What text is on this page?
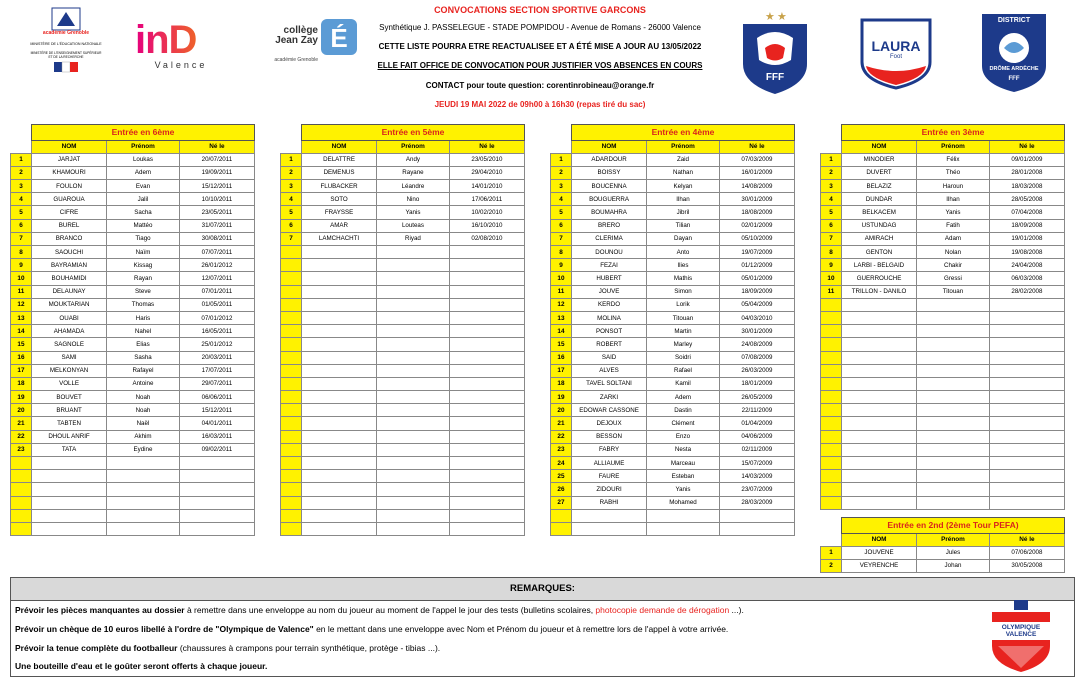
académie Grenoble
MINISTÈRE DE L'ÉDUCATION NATIONALE
MINISTÈRE DE L'ENSEIGNEMENT SUPÉRIEUR ET DE LA RECHERCHE	inD
Valence
collège
Jean Zay É
académie Grenoble
★ ★
FFF
LAURA
Foot
DISTRICT
DRÔME ARDÈCHE
FFF
CONVOCATIONS SECTION SPORTIVE GARCONS
Synthétique J. PASSELEGUE - STADE POMPIDOU - Avenue de Romans - 26000 Valence
CETTE LISTE POURRA ETRE REACTUALISEE ET A ÉTÉ MISE A JOUR AU 13/05/2022
ELLE FAIT OFFICE DE CONVOCATION POUR JUSTIFIER VOS ABSENCES EN COURS
CONTACT pour toute question: corentinrobineau@orange.fr
JEUDI 19 MAI 2022 de 09h00 à 16h30 (repas tiré du sac)
	Entrée en 6ème		
	NOM	Prénom	Né le
1	JARJAT	Loukas	20/07/2011
2	KHAMOURI	Adem	19/09/2011
3	FOULON	Evan	15/12/2011
4	GUAROUA	Jalil	10/10/2011
5	CIFRE	Sacha	23/05/2011
6	BUREL	Mattéo	31/07/2011
7	BRANCO	Tiago	30/08/2011
8	SAOUCHI	Naïm	07/07/2011
9	BAYRAMIAN	Kissag	26/01/2012
10	BOUHAMIDI	Rayan	12/07/2011
11	DELAUNAY	Steve	07/01/2011
12	MOUKTARIAN	Thomas	01/05/2011
13	OUABI	Haris	07/01/2012
14	AHAMADA	Nahel	16/05/2011
15	SAGNOLE	Elias	25/01/2012
16	SAMI	Sasha	20/03/2011
17	MELKONYAN	Rafayel	17/07/2011
18	VOLLE	Antoine	29/07/2011
19	BOUVET	Noah	06/06/2011
20	BRUANT	Noah	15/12/2011
21	TABTEN	Naël	04/01/2011
22	DHOUL ANRIF	Akhim	16/03/2011
23	TATA	Eydine	09/02/2011

	Entrée en 5ème		
	NOM	Prénom	Né le
1	DELATTRE	Andy	23/05/2010
2	DEMENUS	Rayane	29/04/2010
3	FLUBACKER	Léandre	14/01/2010
4	SOTO	Nino	17/06/2011
5	FRAYSSE	Yanis	10/02/2010
6	AMAR	Louteas	16/10/2010
7	LAMCHACHTI	Riyad	02/08/2010

	Entrée en 4ème		
	NOM	Prénom	Né le
1	ADARDOUR	Zaid	07/03/2009
2	BOISSY	Nathan	16/01/2009
3	BOUCENNA	Kelyan	14/08/2009
4	BOUGUERRA	Ilhan	30/01/2009
5	BOUMAHRA	Jibril	18/08/2009
6	BRERO	Tilian	02/01/2009
7	CLERIMA	Dayan	05/10/2009
8	DOUNOU	Anto	19/07/2009
9	FEZAI	Ilies	01/12/2009
10	HUBERT	Mathis	05/01/2009
11	JOUVE	Simon	18/09/2009
12	KERDO	Lorik	05/04/2009
13	MOLINA	Titouan	04/03/2010
14	PONSOT	Martin	30/01/2009
15	ROBERT	Marley	24/08/2009
16	SAID	Soidri	07/08/2009
17	ALVES	Rafael	26/03/2009
18	TAVEL SOLTANI	Kamil	18/01/2009
19	ZARKI	Adem	26/05/2009
20	EDOWAR CASSONE	Dastin	22/11/2009
21	DEJOUX	Clément	01/04/2009
22	BESSON	Enzo	04/06/2009
23	FABRY	Nesta	02/11/2009
24	ALLIAUME	Marceau	15/07/2009
25	FAURE	Esteban	14/03/2009
26	ZIDOURI	Yanis	23/07/2009
27	RABHI	Mohamed	28/03/2009

	Entrée en 3ème		
	NOM	Prénom	Né le
1	MINODIER	Félix	09/01/2009
2	DUVERT	Théo	28/01/2008
3	BELAZIZ	Haroun	18/03/2008
4	DUNDAR	Ilhan	28/05/2008
5	BELKACEM	Yanis	07/04/2008
6	USTUNDAG	Fatih	18/09/2008
7	AMIRACH	Adam	19/01/2008
8	GENTON	Nolan	19/08/2008
9	LARBI - BELGAID	Chakir	24/04/2008
10	GUERROUCHE	Gressi	06/03/2008
11	TRILLON - DANILO	Titouan	28/02/2008

	Entrée en 2nd (2ème Tour PEFA)		
	NOM	Prénom	Né le
1	JOUVENE	Jules	07/06/2008
2	VEYRENCHE	Johan	30/05/2008
REMARQUES:
Prévoir les pièces manquantes au dossier à remettre dans une enveloppe au nom du joueur au moment de l'appel le jour des tests (bulletins scolaires, photocopie demande de dérogation ...).
Prévoir un chèque de 10 euros libellé à l'ordre de "Olympique de Valence" en le mettant dans une enveloppe avec Nom et Prénom du joueur et à remettre lors de l'appel à votre arrivée.
Prévoir la tenue complète du footballeur (chaussures à crampons pour terrain synthétique, protège - tibias ...).
Une bouteille d'eau et le goûter seront offerts à chaque joueur.
OLYMPIQUE VALENCE
